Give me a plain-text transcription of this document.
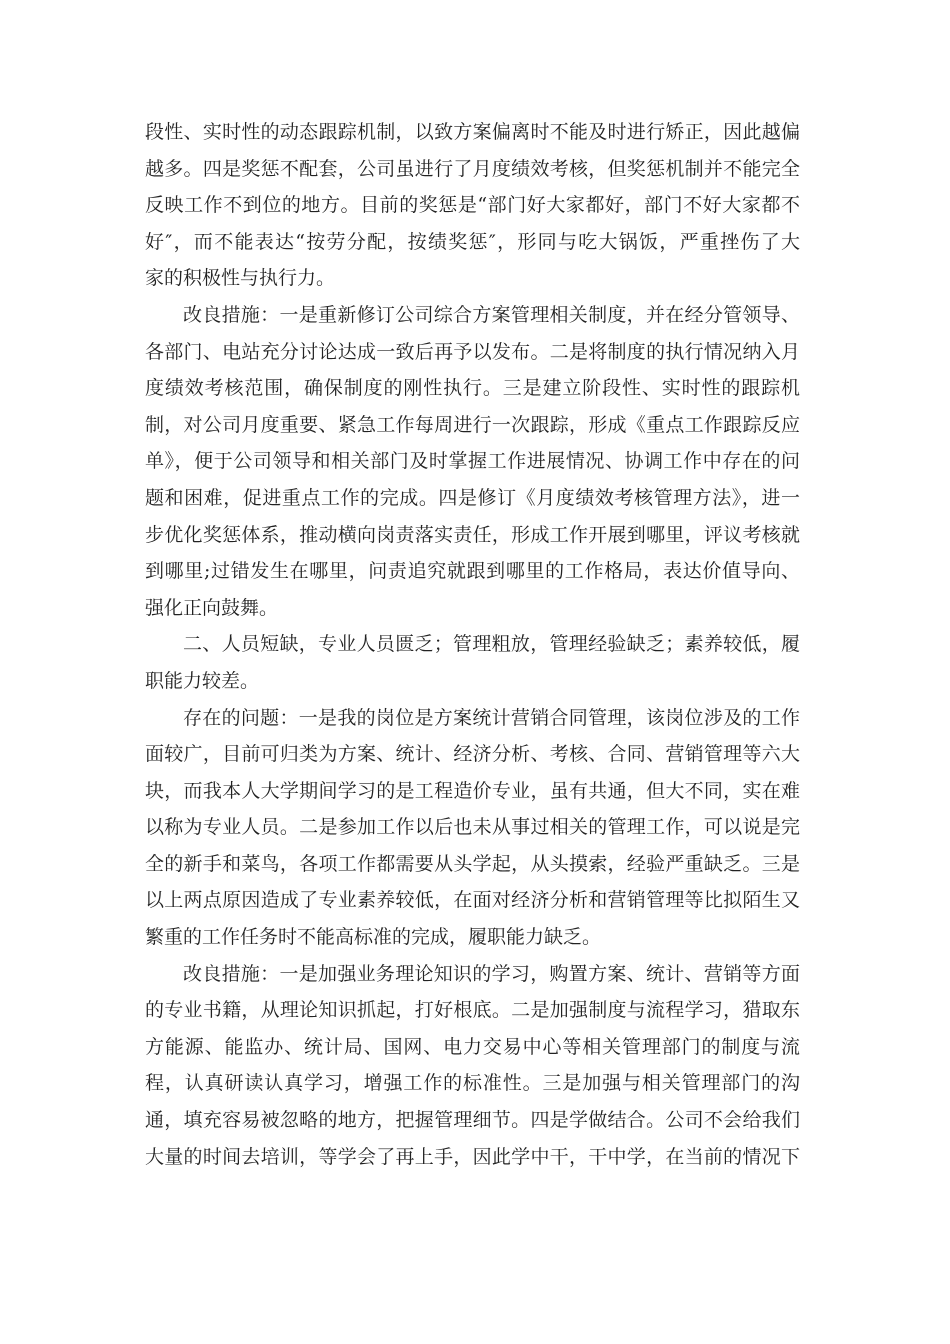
段性、实时性的动态跟踪机制，以致方案偏离时不能及时进行矫正，因此越偏
越多。四是奖惩不配套，公司虽进行了月度绩效考核，但奖惩机制并不能完全
反映工作不到位的地方。目前的奖惩是“部门好大家都好，部门不好大家都不
好″，而不能表达“按劳分配，按绩奖惩″，形同与吃大锅饭，严重挫伤了大
家的积极性与执行力。
改良措施：一是重新修订公司综合方案管理相关制度，并在经分管领导、
各部门、电站充分讨论达成一致后再予以发布。二是将制度的执行情况纳入月
度绩效考核范围，确保制度的刚性执行。三是建立阶段性、实时性的跟踪机
制，对公司月度重要、紧急工作每周进行一次跟踪，形成《重点工作跟踪反应
单》，便于公司领导和相关部门及时掌握工作进展情况、协调工作中存在的问
题和困难，促进重点工作的完成。四是修订《月度绩效考核管理方法》，进一
步优化奖惩体系，推动横向岗责落实责任，形成工作开展到哪里，评议考核就
到哪里;过错发生在哪里，问责追究就跟到哪里的工作格局，表达价值导向、
强化正向鼓舞。
二、人员短缺，专业人员匮乏；管理粗放，管理经验缺乏；素养较低，履
职能力较差。
存在的问题：一是我的岗位是方案统计营销合同管理，该岗位涉及的工作
面较广，目前可归类为方案、统计、经济分析、考核、合同、营销管理等六大
块，而我本人大学期间学习的是工程造价专业，虽有共通，但大不同，实在难
以称为专业人员。二是参加工作以后也未从事过相关的管理工作，可以说是完
全的新手和菜鸟，各项工作都需要从头学起，从头摸索，经验严重缺乏。三是
以上两点原因造成了专业素养较低，在面对经济分析和营销管理等比拟陌生又
繁重的工作任务时不能高标准的完成，履职能力缺乏。
改良措施：一是加强业务理论知识的学习，购置方案、统计、营销等方面
的专业书籍，从理论知识抓起，打好根底。二是加强制度与流程学习，猎取东
方能源、能监办、统计局、国网、电力交易中心等相关管理部门的制度与流
程，认真研读认真学习，增强工作的标准性。三是加强与相关管理部门的沟
通，填充容易被忽略的地方，把握管理细节。四是学做结合。公司不会给我们
大量的时间去培训，等学会了再上手，因此学中干，干中学，在当前的情况下
